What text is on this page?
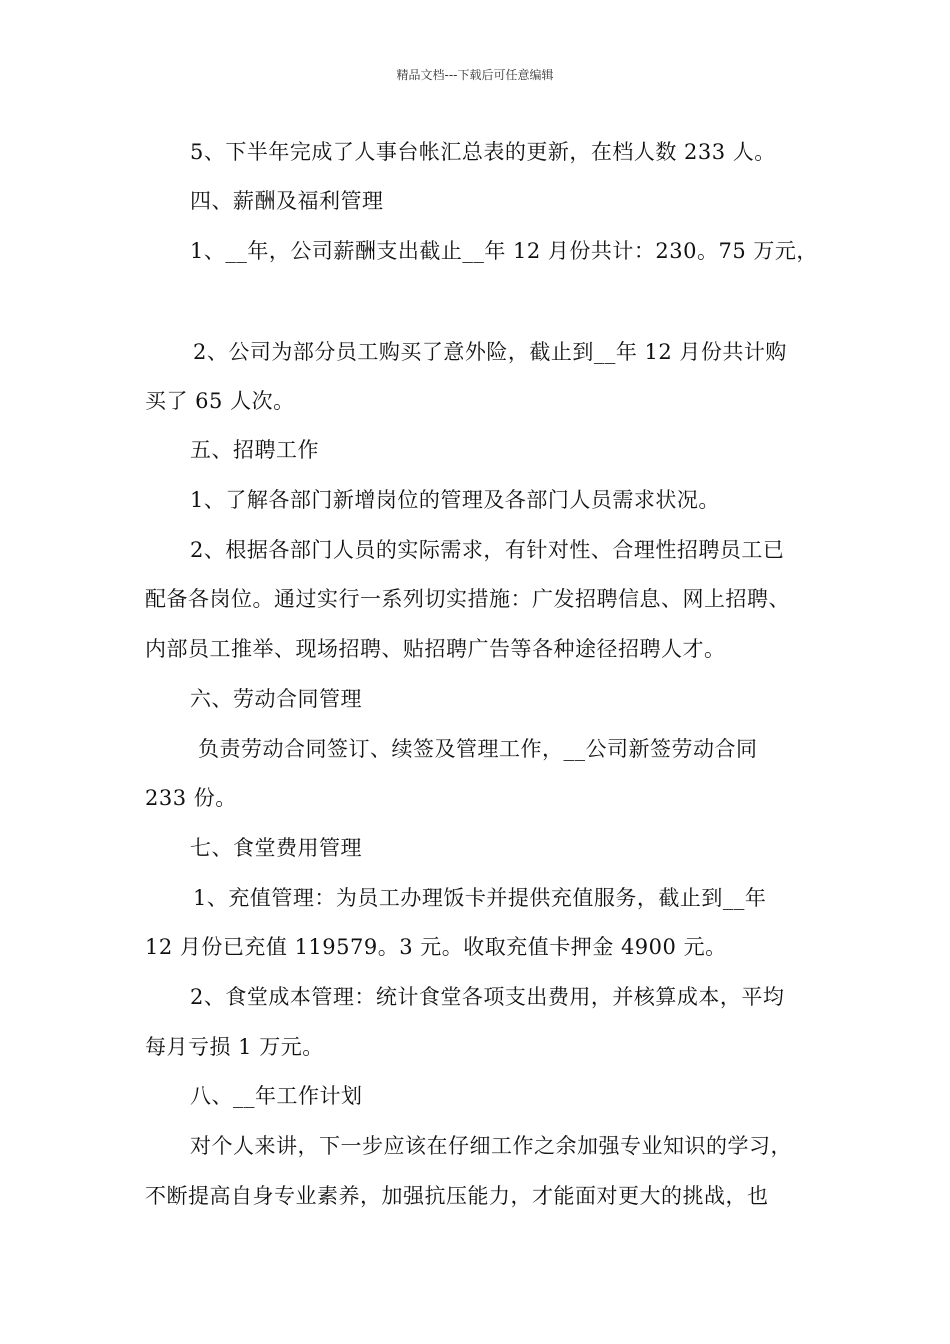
精品文档---下载后可任意编辑
5、下半年完成了人事台帐汇总表的更新，在档人数 233 人。
四、薪酬及福利管理
1、__年，公司薪酬支出截止__年 12 月份共计：230。75 万元，
2、公司为部分员工购买了意外险，截止到__年 12 月份共计购
买了 65 人次。
五、招聘工作
1、了解各部门新增岗位的管理及各部门人员需求状况。
2、根据各部门人员的实际需求，有针对性、合理性招聘员工已
配备各岗位。通过实行一系列切实措施：广发招聘信息、网上招聘、
内部员工推举、现场招聘、贴招聘广告等各种途径招聘人才。
六、劳动合同管理
负责劳动合同签订、续签及管理工作，__公司新签劳动合同
233 份。
七、食堂费用管理
1、充值管理：为员工办理饭卡并提供充值服务，截止到__年
12 月份已充值 119579。3 元。收取充值卡押金 4900 元。
2、食堂成本管理：统计食堂各项支出费用，并核算成本，平均
每月亏损 1 万元。
八、__年工作计划
对个人来讲，下一步应该在仔细工作之余加强专业知识的学习，
不断提高自身专业素养，加强抗压能力，才能面对更大的挑战，也
